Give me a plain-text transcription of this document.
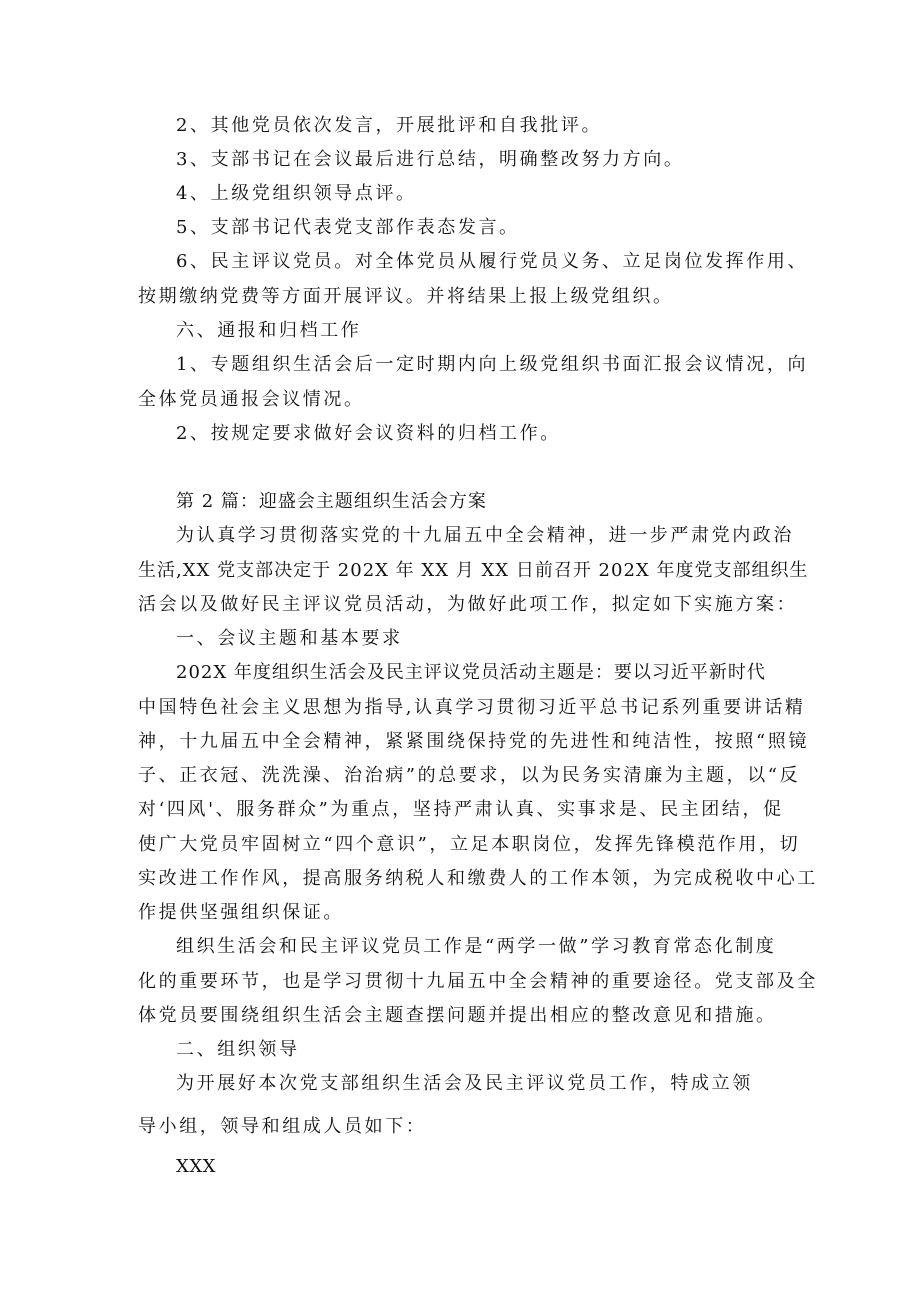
2、其他党员依次发言，开展批评和自我批评。
3、支部书记在会议最后进行总结，明确整改努力方向。
4、上级党组织领导点评。
5、支部书记代表党支部作表态发言。
6、民主评议党员。对全体党员从履行党员义务、立足岗位发挥作用、
按期缴纳党费等方面开展评议。并将结果上报上级党组织。
六、通报和归档工作
1、专题组织生活会后一定时期内向上级党组织书面汇报会议情况，向
全体党员通报会议情况。
2、按规定要求做好会议资料的归档工作。
第 2 篇：迎盛会主题组织生活会方案
为认真学习贯彻落实党的十九届五中全会精神，进一步严肃党内政治
生活,XX 党支部决定于 202X 年 XX 月 XX 日前召开 202X 年度党支部组织生
活会以及做好民主评议党员活动，为做好此项工作，拟定如下实施方案：
一、会议主题和基本要求
202X 年度组织生活会及民主评议党员活动主题是：要以习近平新时代
中国特色社会主义思想为指导,认真学习贯彻习近平总书记系列重要讲话精
神，十九届五中全会精神，紧紧围绕保持党的先进性和纯洁性，按照“照镜
子、正衣冠、洗洗澡、治治病”的总要求，以为民务实清廉为主题，以“反
对‘四风'、服务群众”为重点，坚持严肃认真、实事求是、民主团结，促
使广大党员牢固树立“四个意识”，立足本职岗位，发挥先锋模范作用，切
实改进工作作风，提高服务纳税人和缴费人的工作本领，为完成税收中心工
作提供坚强组织保证。
组织生活会和民主评议党员工作是“两学一做”学习教育常态化制度
化的重要环节，也是学习贯彻十九届五中全会精神的重要途径。党支部及全
体党员要围绕组织生活会主题查摆问题并提出相应的整改意见和措施。
二、组织领导
为开展好本次党支部组织生活会及民主评议党员工作，特成立领
导小组，领导和组成人员如下：
XXX
